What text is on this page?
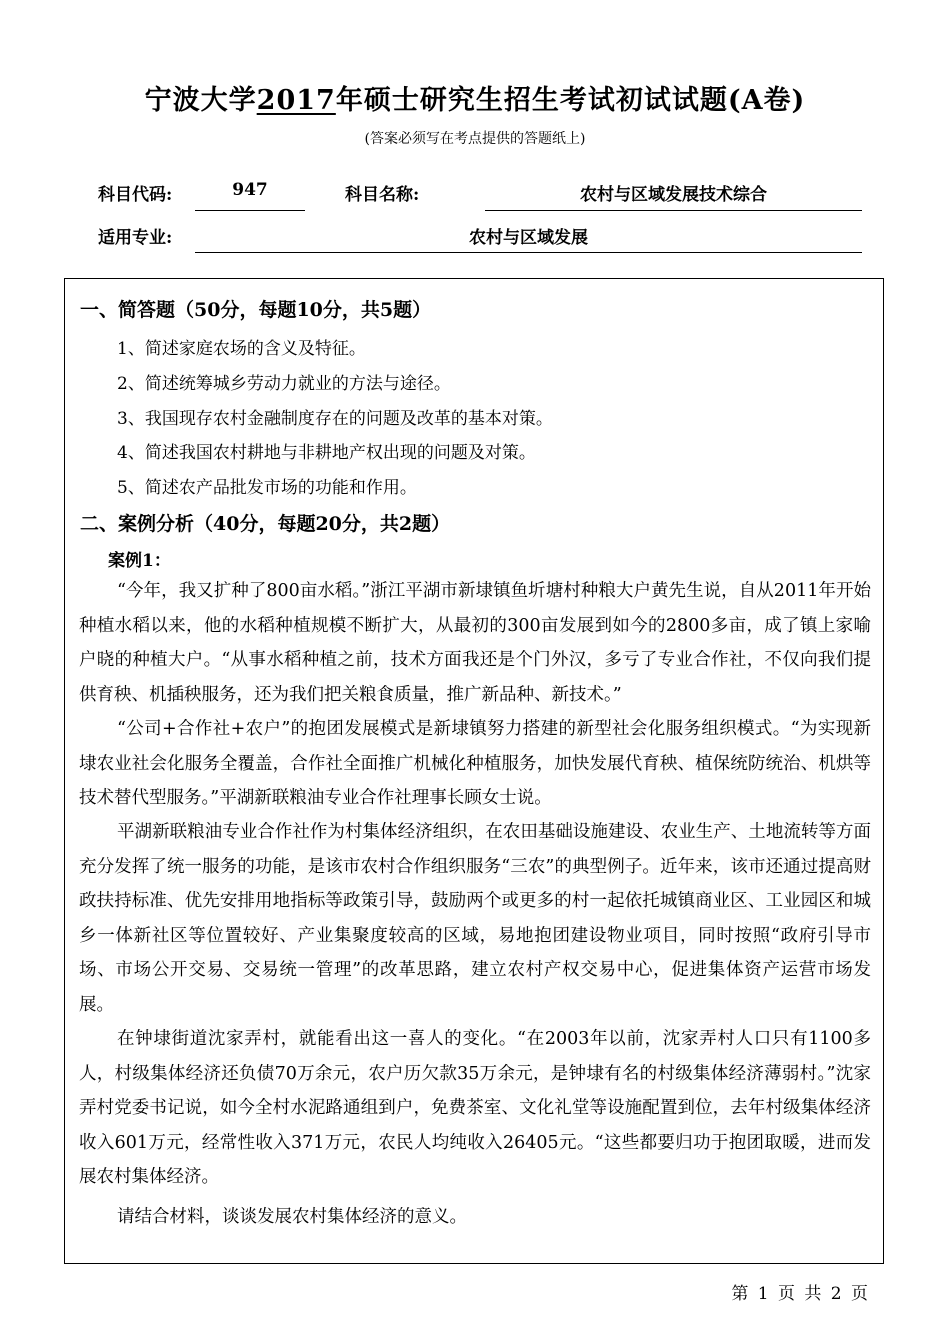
宁波大学2017年硕士研究生招生考试初试试题(A卷)
(答案必须写在考点提供的答题纸上)
科目代码:	947	科目名称:	农村与区域发展技术综合
适用专业:	农村与区域发展
一、简答题（50分，每题10分，共5题）
1、简述家庭农场的含义及特征。
2、简述统筹城乡劳动力就业的方法与途径。
3、我国现存农村金融制度存在的问题及改革的基本对策。
4、简述我国农村耕地与非耕地产权出现的问题及对策。
5、简述农产品批发市场的功能和作用。
二、案例分析（40分，每题20分，共2题）
案例1：

“今年，我又扩种了800亩水稻。”浙江平湖市新埭镇鱼圻塘村种粮大户黄先生说，自从2011年开始种植水稻以来，他的水稻种植规模不断扩大，从最初的300亩发展到如今的2800多亩，成了镇上家喻户晓的种植大户。“从事水稻种植之前，技术方面我还是个门外汉，多亏了专业合作社，不仅向我们提供育秧、机插秧服务，还为我们把关粮食质量，推广新品种、新技术。”

“公司+合作社+农户”的抱团发展模式是新埭镇努力搭建的新型社会化服务组织模式。“为实现新埭农业社会化服务全覆盖，合作社全面推广机械化种植服务，加快发展代育秧、植保统防统治、机烘等技术替代型服务。”平湖新联粮油专业合作社理事长顾女士说。

平湖新联粮油专业合作社作为村集体经济组织，在农田基础设施建设、农业生产、土地流转等方面充分发挥了统一服务的功能，是该市农村合作组织服务“三农”的典型例子。近年来，该市还通过提高财政扶持标准、优先安排用地指标等政策引导，鼓励两个或更多的村一起依托城镇商业区、工业园区和城乡一体新社区等位置较好、产业集聚度较高的区域，易地抱团建设物业项目，同时按照“政府引导市场、市场公开交易、交易统一管理”的改革思路，建立农村产权交易中心，促进集体资产运营市场发展。

在钟埭街道沈家弄村，就能看出这一喜人的变化。“在2003年以前，沈家弄村人口只有1100多人，村级集体经济还负债70万余元，农户历欠款35万余元，是钟埭有名的村级集体经济薄弱村。”沈家弄村党委书记说，如今全村水泥路通组到户，免费茶室、文化礼堂等设施配置到位，去年村级集体经济收入601万元，经常性收入371万元，农民人均纯收入26405元。“这些都要归功于抱团取暖，进而发展农村集体经济。

请结合材料，谈谈发展农村集体经济的意义。

第 1 页 共 2 页
